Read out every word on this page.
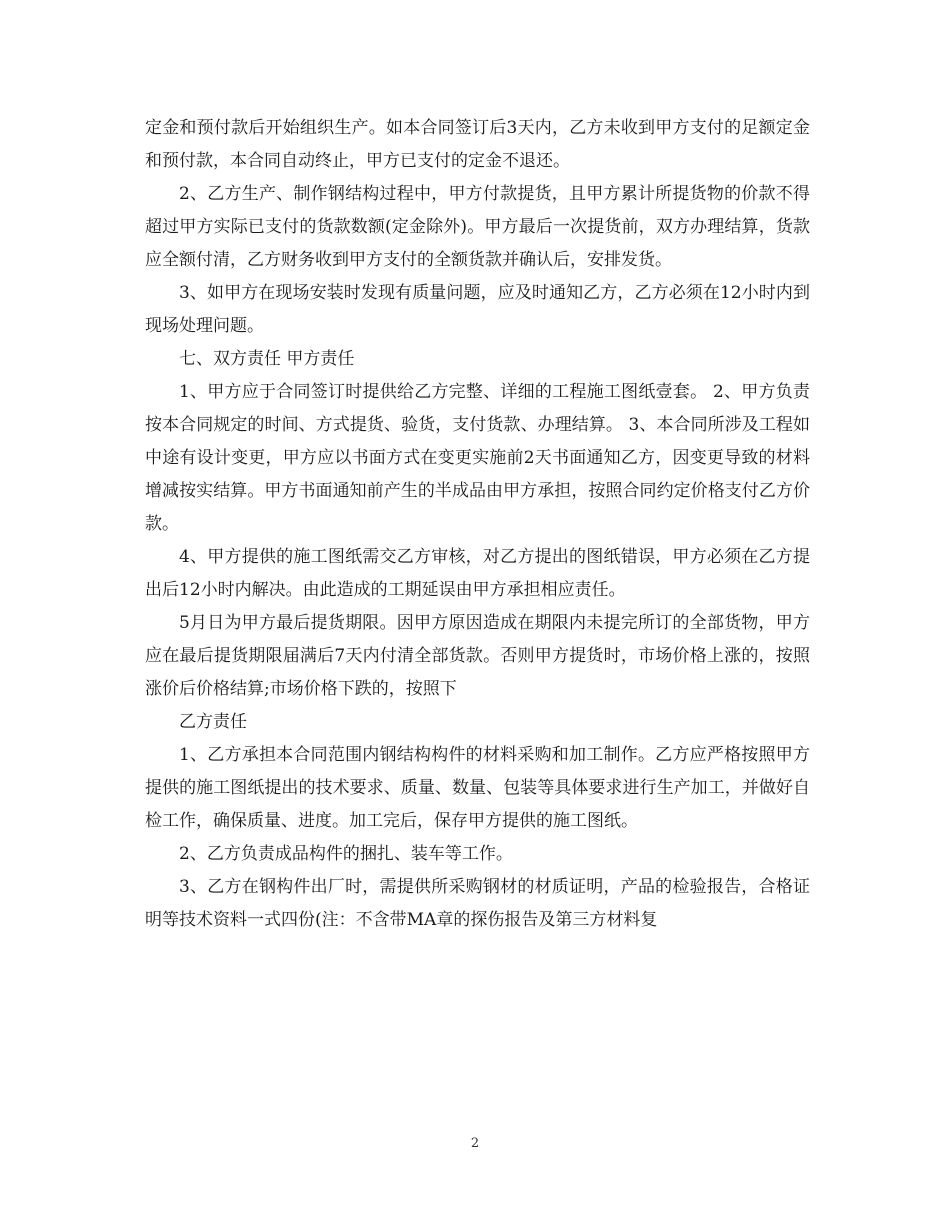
定金和预付款后开始组织生产。如本合同签订后3天内，乙方未收到甲方支付的足额定金和预付款，本合同自动终止，甲方已支付的定金不退还。

2、乙方生产、制作钢结构过程中，甲方付款提货，且甲方累计所提货物的价款不得超过甲方实际已支付的货款数额(定金除外)。甲方最后一次提货前，双方办理结算，货款应全额付清，乙方财务收到甲方支付的全额货款并确认后，安排发货。

3、如甲方在现场安装时发现有质量问题，应及时通知乙方，乙方必须在12小时内到现场处理问题。

七、双方责任 甲方责任

1、甲方应于合同签订时提供给乙方完整、详细的工程施工图纸壹套。 2、甲方负责按本合同规定的时间、方式提货、验货，支付货款、办理结算。 3、本合同所涉及工程如中途有设计变更，甲方应以书面方式在变更实施前2天书面通知乙方，因变更导致的材料增减按实结算。甲方书面通知前产生的半成品由甲方承担，按照合同约定价格支付乙方价款。

4、甲方提供的施工图纸需交乙方审核，对乙方提出的图纸错误，甲方必须在乙方提出后12小时内解决。由此造成的工期延误由甲方承担相应责任。

5月日为甲方最后提货期限。因甲方原因造成在期限内未提完所订的全部货物，甲方应在最后提货期限届满后7天内付清全部货款。否则甲方提货时，市场价格上涨的，按照涨价后价格结算;市场价格下跌的，按照下

乙方责任

1、乙方承担本合同范围内钢结构构件的材料采购和加工制作。乙方应严格按照甲方提供的施工图纸提出的技术要求、质量、数量、包装等具体要求进行生产加工，并做好自检工作，确保质量、进度。加工完后，保存甲方提供的施工图纸。

2、乙方负责成品构件的捆扎、装车等工作。

3、乙方在钢构件出厂时，需提供所采购钢材的材质证明，产品的检验报告，合格证明等技术资料一式四份(注：不含带MA章的探伤报告及第三方材料复

2
